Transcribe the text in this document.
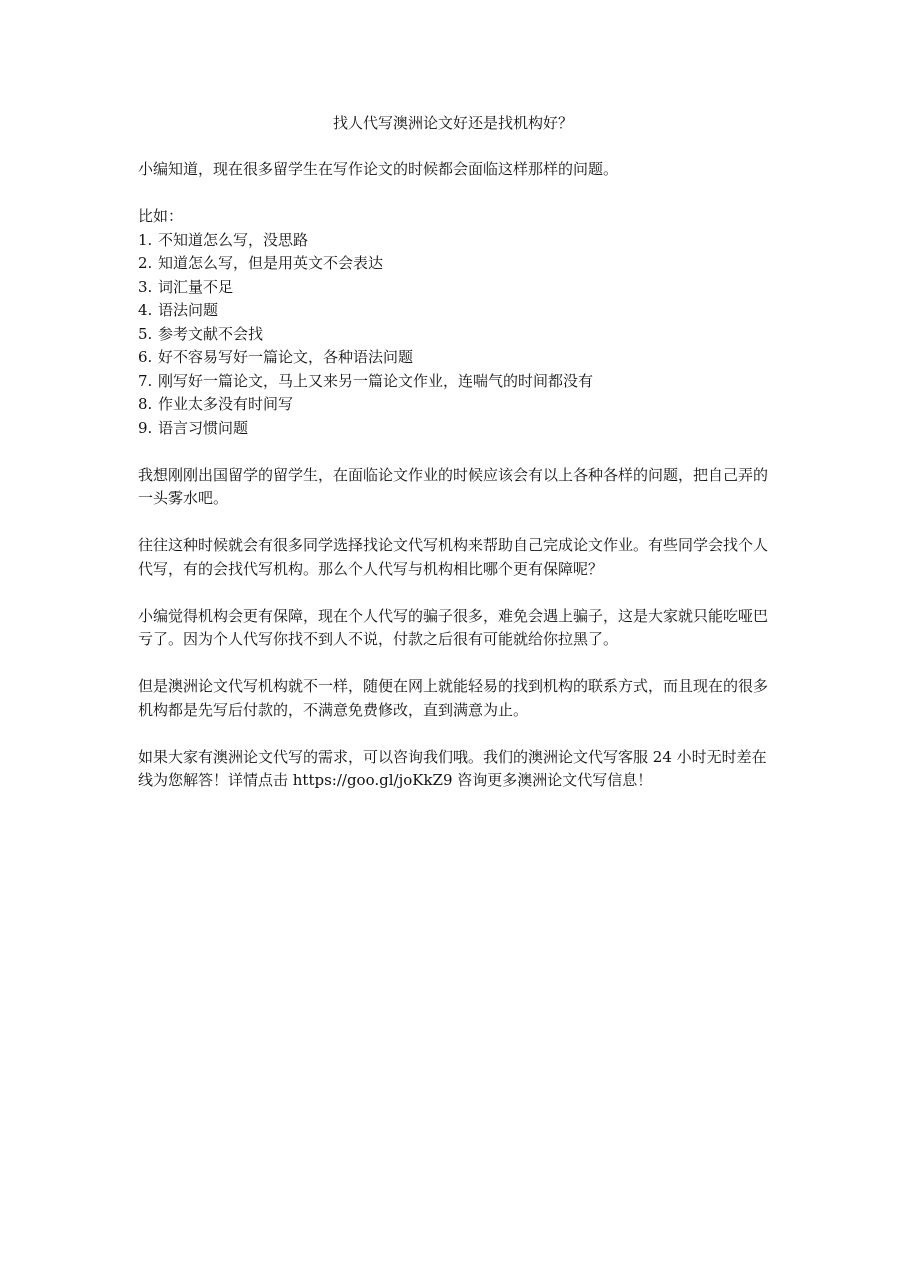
找人代写澳洲论文好还是找机构好？

小编知道，现在很多留学生在写作论文的时候都会面临这样那样的问题。

比如：

1. 不知道怎么写，没思路
2. 知道怎么写，但是用英文不会表达
3. 词汇量不足
4. 语法问题
5. 参考文献不会找
6. 好不容易写好一篇论文，各种语法问题
7. 刚写好一篇论文，马上又来另一篇论文作业，连喘气的时间都没有
8. 作业太多没有时间写
9. 语言习惯问题

我想刚刚出国留学的留学生，在面临论文作业的时候应该会有以上各种各样的问题，把自己弄的一头雾水吧。

往往这种时候就会有很多同学选择找论文代写机构来帮助自己完成论文作业。有些同学会找个人代写，有的会找代写机构。那么个人代写与机构相比哪个更有保障呢？

小编觉得机构会更有保障，现在个人代写的骗子很多，难免会遇上骗子，这是大家就只能吃哑巴亏了。因为个人代写你找不到人不说，付款之后很有可能就给你拉黑了。

但是澳洲论文代写机构就不一样，随便在网上就能轻易的找到机构的联系方式，而且现在的很多机构都是先写后付款的，不满意免费修改，直到满意为止。

如果大家有澳洲论文代写的需求，可以咨询我们哦。我们的澳洲论文代写客服 24 小时无时差在线为您解答！详情点击 https://goo.gl/joKkZ9 咨询更多澳洲论文代写信息！
